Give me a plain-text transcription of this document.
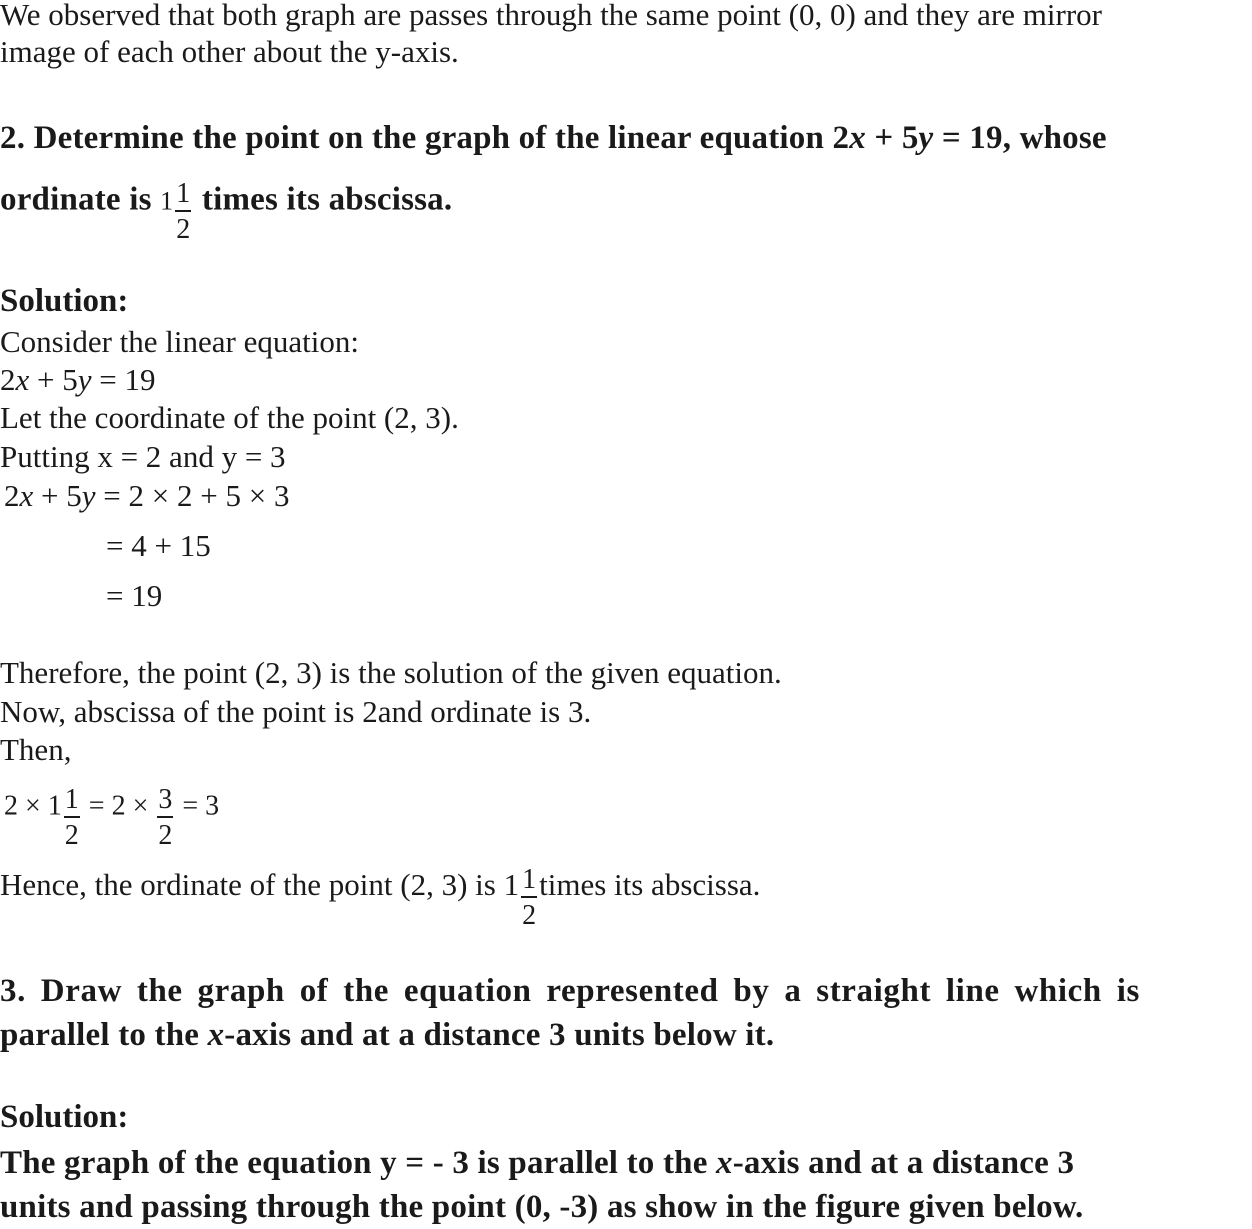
We observed that both graph are passes through the same point (0, 0) and they are mirror
image of each other about the y-axis.
2. Determine the point on the graph of the linear equation 2x + 5y = 19, whose
ordinate is $1 \frac{1}{2}$ times its abscissa.
Solution:
Consider the linear equation:
2x + 5y = 19
Let the coordinate of the point (2, 3).
Putting x = 2 and y = 3
2x + 5y = 2 × 2 + 5 × 3
= 4 + 15
= 19
Therefore, the point (2, 3) is the solution of the given equation.
Now, abscissa of the point is 2and ordinate is 3.
Then,
$2 \times 1 \frac{1}{2} = 2 \times \frac{3}{2} = 3$
Hence, the ordinate of the point (2, 3) is $1 \frac{1}{2}$ times its abscissa.
3. Draw the graph of the equation represented by a straight line which is
parallel to the x-axis and at a distance 3 units below it.
Solution:
The graph of the equation y = - 3 is parallel to the x-axis and at a distance 3
units and passing through the point (0, -3) as show in the figure given below.
